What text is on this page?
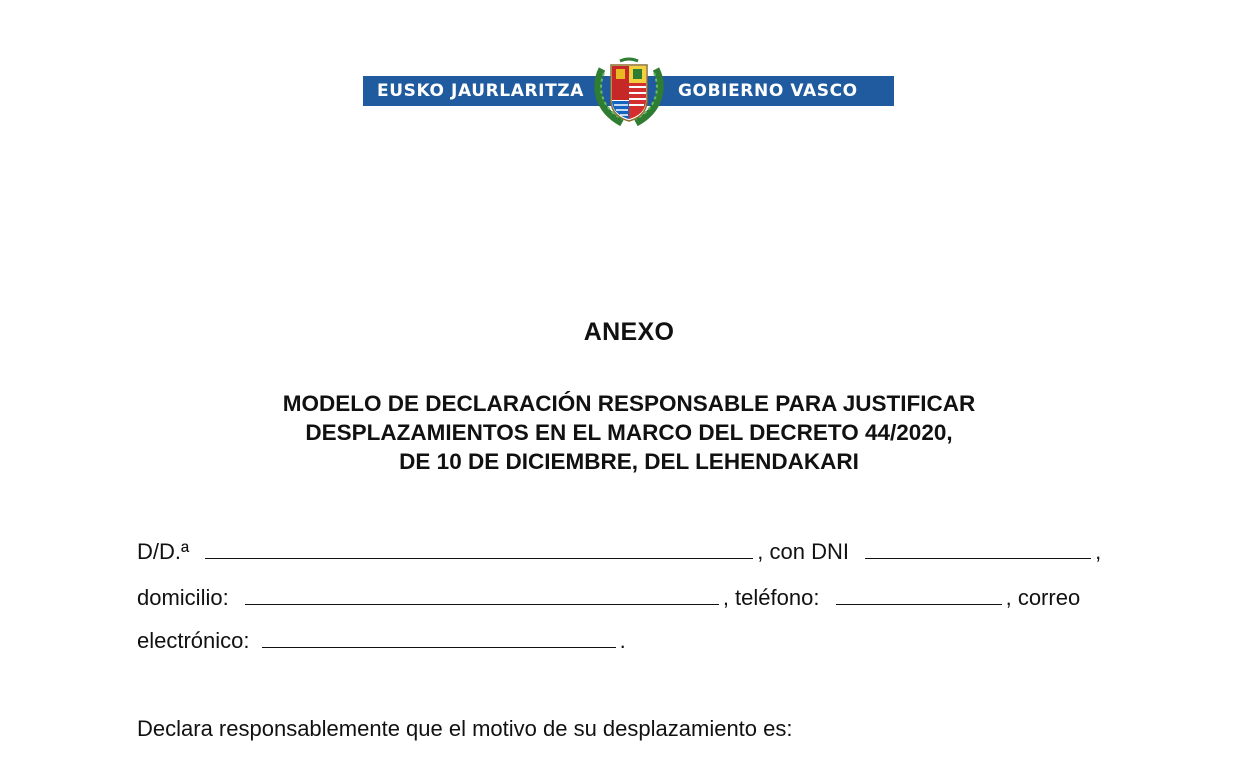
EUSKO JAURLARITZA	GOBIERNO VASCO
ANEXO
MODELO DE DECLARACIÓN RESPONSABLE PARA JUSTIFICAR
DESPLAZAMIENTOS EN EL MARCO DEL DECRETO 44/2020,
DE 10 DE DICIEMBRE, DEL LEHENDAKARI
D/D.ª	, con DNI	,
domicilio:	, teléfono:	, correo
electrónico:	.
Declara responsablemente que el motivo de su desplazamiento es:
